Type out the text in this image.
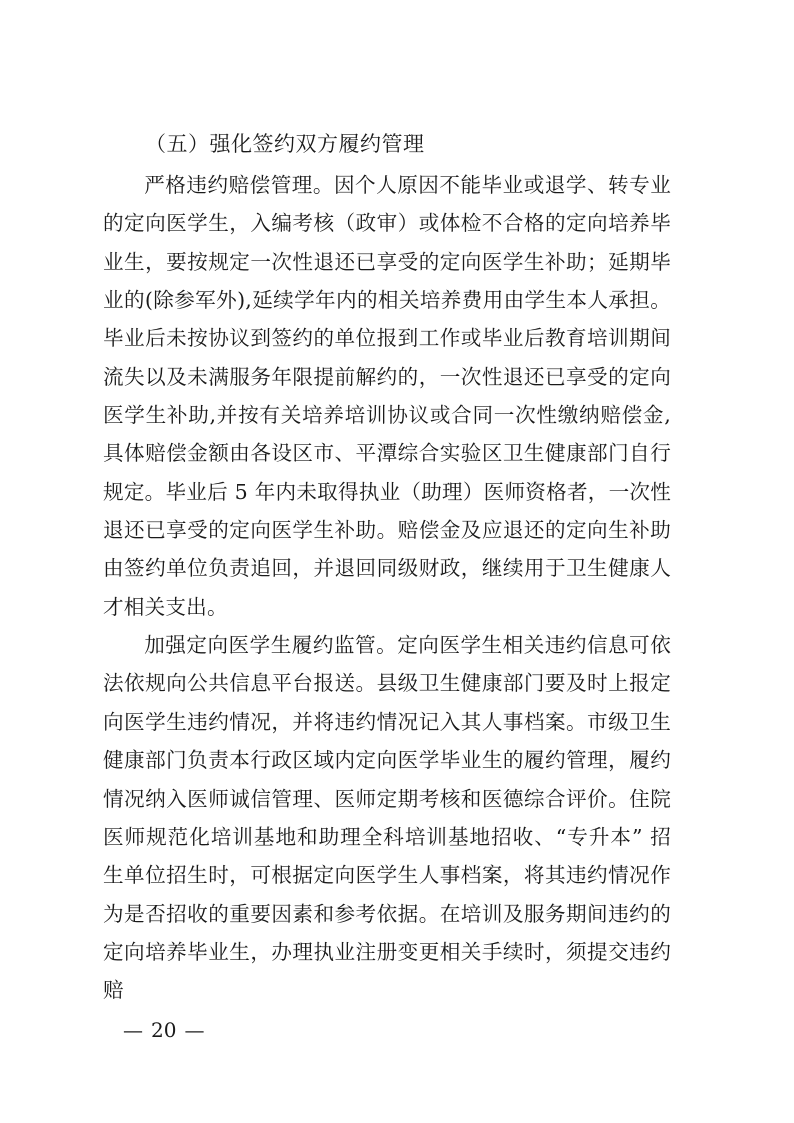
（五）强化签约双方履约管理

严格违约赔偿管理。因个人原因不能毕业或退学、转专业的定向医学生，入编考核（政审）或体检不合格的定向培养毕业生，要按规定一次性退还已享受的定向医学生补助；延期毕业的(除参军外),延续学年内的相关培养费用由学生本人承担。毕业后未按协议到签约的单位报到工作或毕业后教育培训期间流失以及未满服务年限提前解约的，一次性退还已享受的定向医学生补助,并按有关培养培训协议或合同一次性缴纳赔偿金,具体赔偿金额由各设区市、平潭综合实验区卫生健康部门自行规定。毕业后 5 年内未取得执业（助理）医师资格者，一次性退还已享受的定向医学生补助。赔偿金及应退还的定向生补助由签约单位负责追回，并退回同级财政，继续用于卫生健康人才相关支出。

加强定向医学生履约监管。定向医学生相关违约信息可依法依规向公共信息平台报送。县级卫生健康部门要及时上报定向医学生违约情况，并将违约情况记入其人事档案。市级卫生健康部门负责本行政区域内定向医学毕业生的履约管理，履约情况纳入医师诚信管理、医师定期考核和医德综合评价。住院医师规范化培训基地和助理全科培训基地招收、“专升本” 招生单位招生时，可根据定向医学生人事档案，将其违约情况作为是否招收的重要因素和参考依据。在培训及服务期间违约的定向培养毕业生，办理执业注册变更相关手续时，须提交违约赔

— 20 —
